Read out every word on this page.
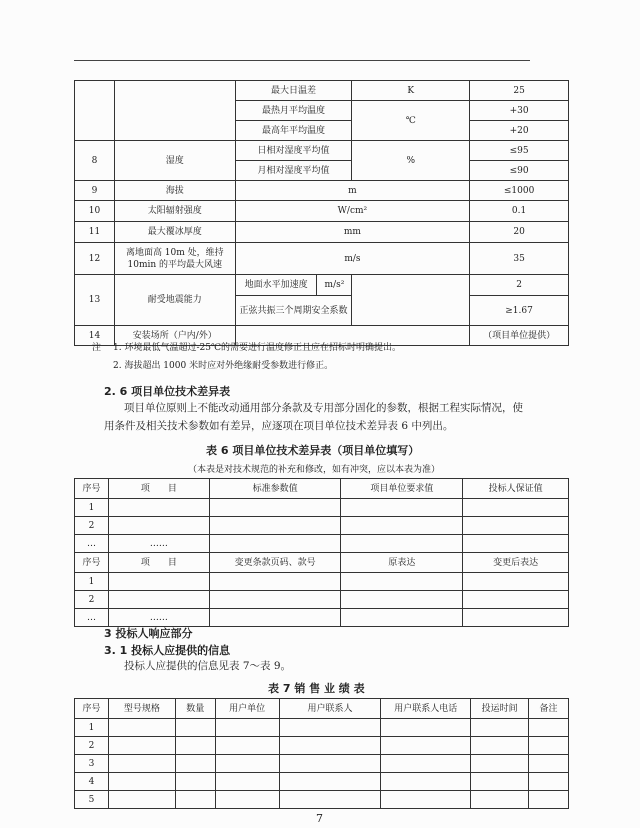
		最大日温差		K	25
		最热月平均温度		℃	+30
		最高年平均温度			+20
8	湿度	日相对湿度平均值		%	≤95
		月相对湿度平均值			≤90
9	海拔	m			≤1000
10	太阳辐射强度	W/cm²			0.1
11	最大覆冰厚度	mm			20
12	离地面高 10m 处，维持 10min 的平均最大风速	m/s			35
13	耐受地震能力	地面水平加速度	m/s²		2
		正弦共振三个周期安全系数			≥1.67
14	安装场所（户内/外）				（项目单位提供）
注 1. 环境最低气温超过-25℃的需要进行温度修正且应在招标时明确提出。
2. 海拔超出 1000 米时应对外绝缘耐受参数进行修正。
2. 6 项目单位技术差异表
项目单位原则上不能改动通用部分条款及专用部分固化的参数，根据工程实际情况，使
用条件及相关技术参数如有差异，应逐项在项目单位技术差异表 6 中列出。
表 6 项目单位技术差异表（项目单位填写）
（本表是对技术规范的补充和修改，如有冲突，应以本表为准）
序号	项　　目	标准参数值	项目单位要求值	投标人保证值
1				
2				
…	……			
序号	项　　目	变更条款页码、款号	原表达	变更后表达
1				
2				
…	……			
3 投标人响应部分
3. 1 投标人应提供的信息
投标人应提供的信息见表 7～表 9。
表 7 销 售 业 绩 表
序号	型号规格	数量	用户单位	用户联系人	用户联系人电话	投运时间	备注
1							
2							
3							
4							
5							
7
